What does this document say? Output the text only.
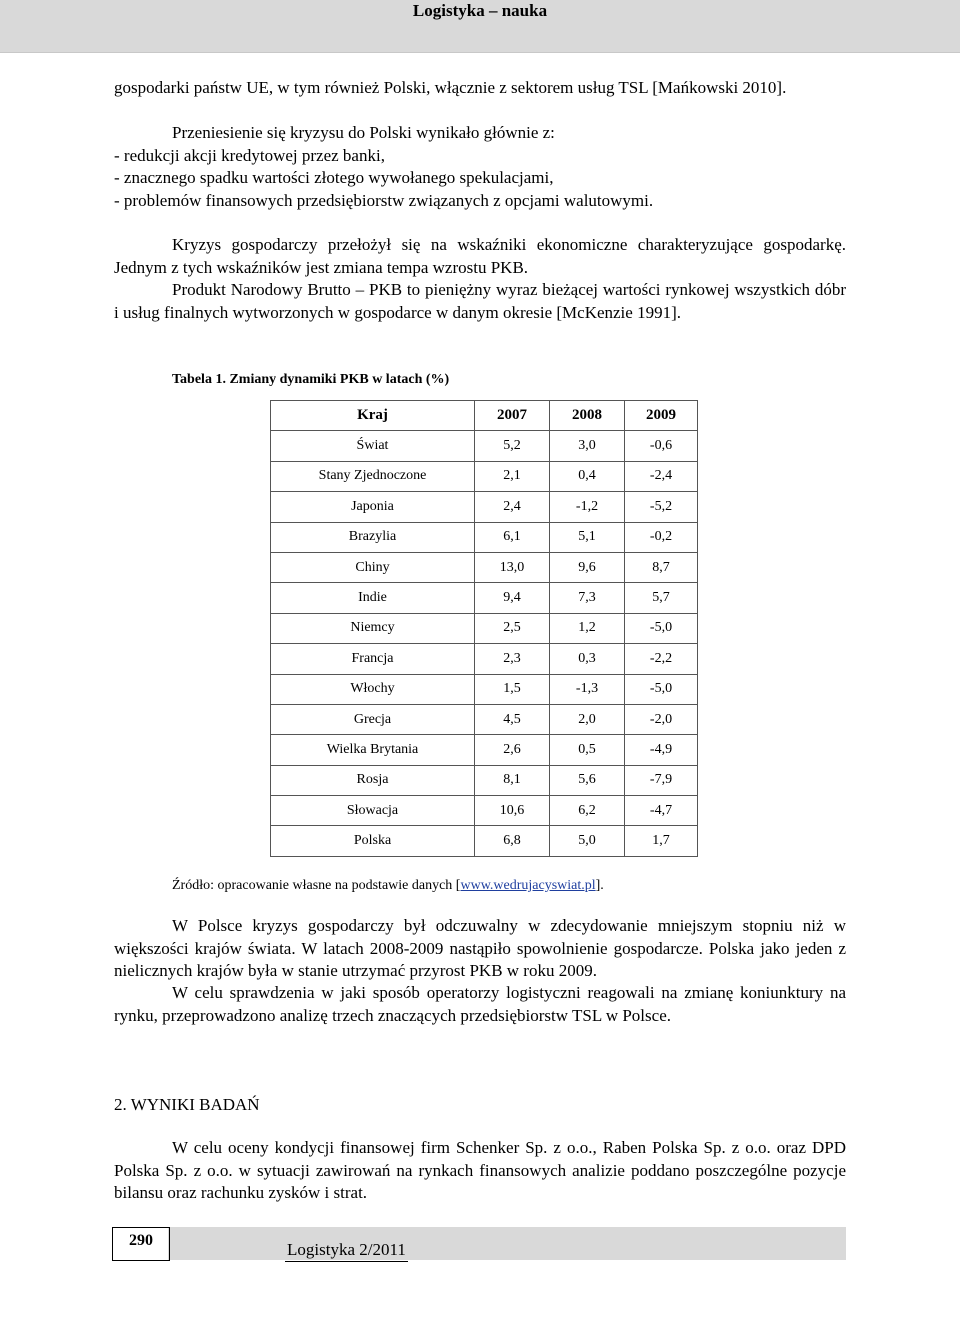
Logistyka – nauka
gospodarki państw UE, w tym również Polski, włącznie z sektorem usług TSL [Mańkowski 2010].

Przeniesienie się kryzysu do Polski wynikało głównie z:

- redukcji akcji kredytowej przez banki,

- znacznego spadku wartości złotego wywołanego spekulacjami,

- problemów finansowych przedsiębiorstw związanych z opcjami walutowymi.

Kryzys gospodarczy przełożył się na wskaźniki ekonomiczne charakteryzujące gospodarkę. Jednym z tych wskaźników jest zmiana tempa wzrostu PKB.
Produkt Narodowy Brutto – PKB to pieniężny wyraz bieżącej wartości rynkowej wszystkich dóbr i usług finalnych wytworzonych w gospodarce w danym okresie [McKenzie 1991].
Tabela 1. Zmiany dynamiki PKB w latach (%)
Kraj	2007	2008	2009
Świat	5,2	3,0	-0,6
Stany Zjednoczone	2,1	0,4	-2,4
Japonia	2,4	-1,2	-5,2
Brazylia	6,1	5,1	-0,2
Chiny	13,0	9,6	8,7
Indie	9,4	7,3	5,7
Niemcy	2,5	1,2	-5,0
Francja	2,3	0,3	-2,2
Włochy	1,5	-1,3	-5,0
Grecja	4,5	2,0	-2,0
Wielka Brytania	2,6	0,5	-4,9
Rosja	8,1	5,6	-7,9
Słowacja	10,6	6,2	-4,7
Polska	6,8	5,0	1,7
Źródło: opracowanie własne na podstawie danych [www.wedrujacyswiat.pl].
W Polsce kryzys gospodarczy był odczuwalny w zdecydowanie mniejszym stopniu niż w większości krajów świata. W latach 2008-2009 nastąpiło spowolnienie gospodarcze. Polska jako jeden z nielicznych krajów była w stanie utrzymać przyrost PKB w roku 2009.
W celu sprawdzenia w jaki sposób operatorzy logistyczni reagowali na zmianę koniunktury na rynku, przeprowadzono analizę trzech znaczących przedsiębiorstw TSL w Polsce.
2. WYNIKI BADAŃ
W celu oceny kondycji finansowej firm Schenker Sp. z o.o., Raben Polska Sp. z o.o. oraz DPD Polska Sp. z o.o. w sytuacji zawirowań na rynkach finansowych analizie poddano poszczególne pozycje bilansu oraz rachunku zysków i strat.
290	Logistyka 2/2011
